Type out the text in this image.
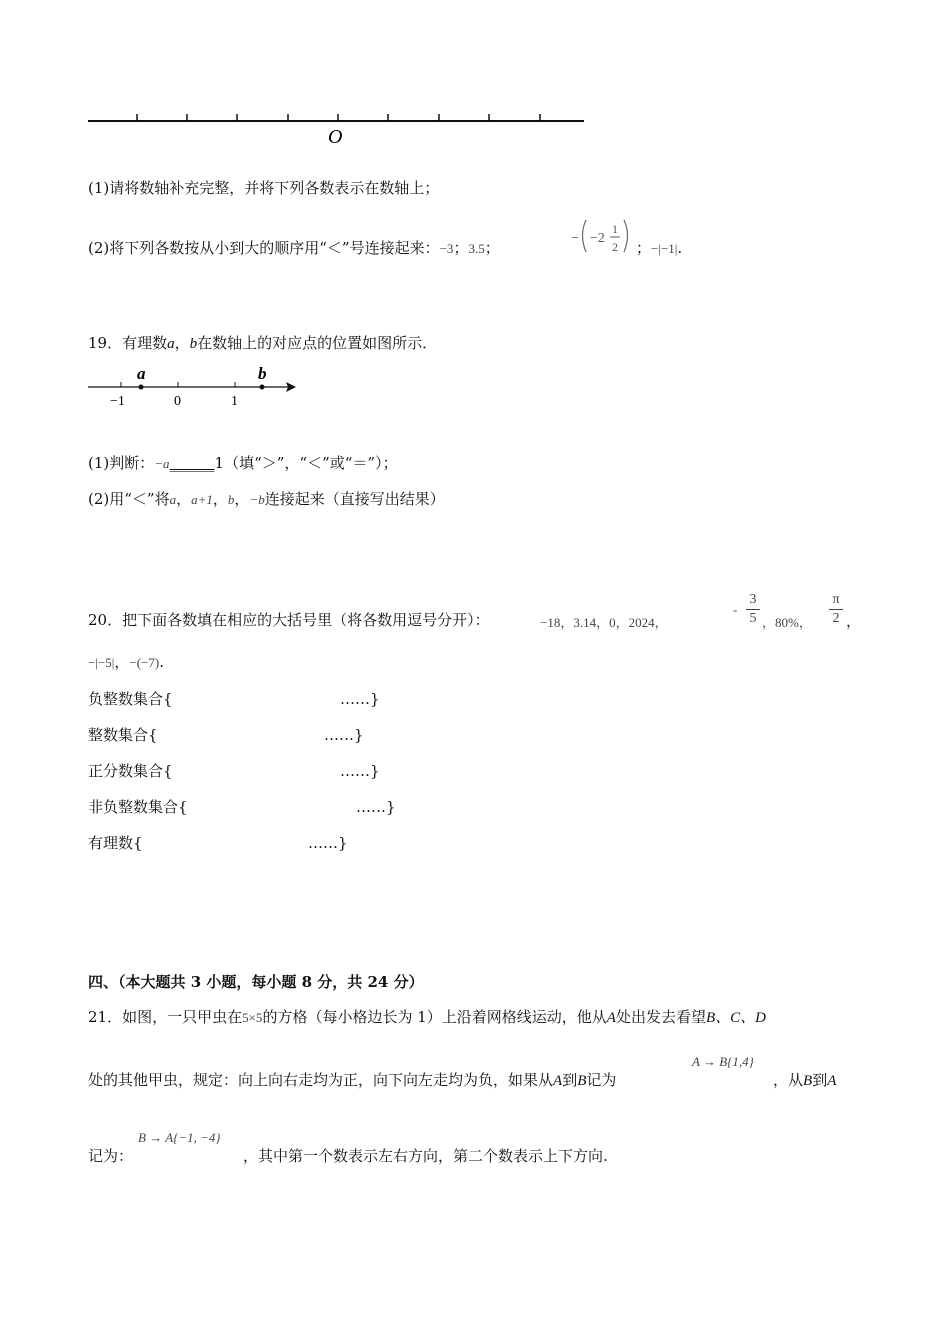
O
(1)请将数轴补充完整，并将下列各数表示在数轴上；
(2)将下列各数按从小到大的顺序用“＜”号连接起来：−3；3.5；
− −2
1
2 ；−|−1|.
19．有理数a，b在数轴上的对应点的位置如图所示．
a	b
−1	0	1
(1)判断：−a______1（填“＞”，“＜”或“＝”）；
(2)用“＜”将a，a+1，b，−b连接起来（直接写出结果）
20．把下面各数填在相应的大括号里（将各数用逗号分开）：	−18，3.14，0，2024，
-
3
5 ，80%，
π
2 ，
−|−5|，−(−7).
负整数集合{	……}
整数集合{	……}
正分数集合{	……}
非负整数集合{	……}
有理数{	……}
四、（本大题共 3 小题，每小题 8 分，共 24 分）
21．如图，一只甲虫在5×5的方格（每小格边长为 1）上沿着网格线运动，他从A处出发去看望B、C、D
A → B{1,4}
处的其他甲虫，规定：向上向右走均为正，向下向左走均为负，如果从A到B记为	，从B到A
B → A{−1, −4}
记为：	，其中第一个数表示左右方向，第二个数表示上下方向.
